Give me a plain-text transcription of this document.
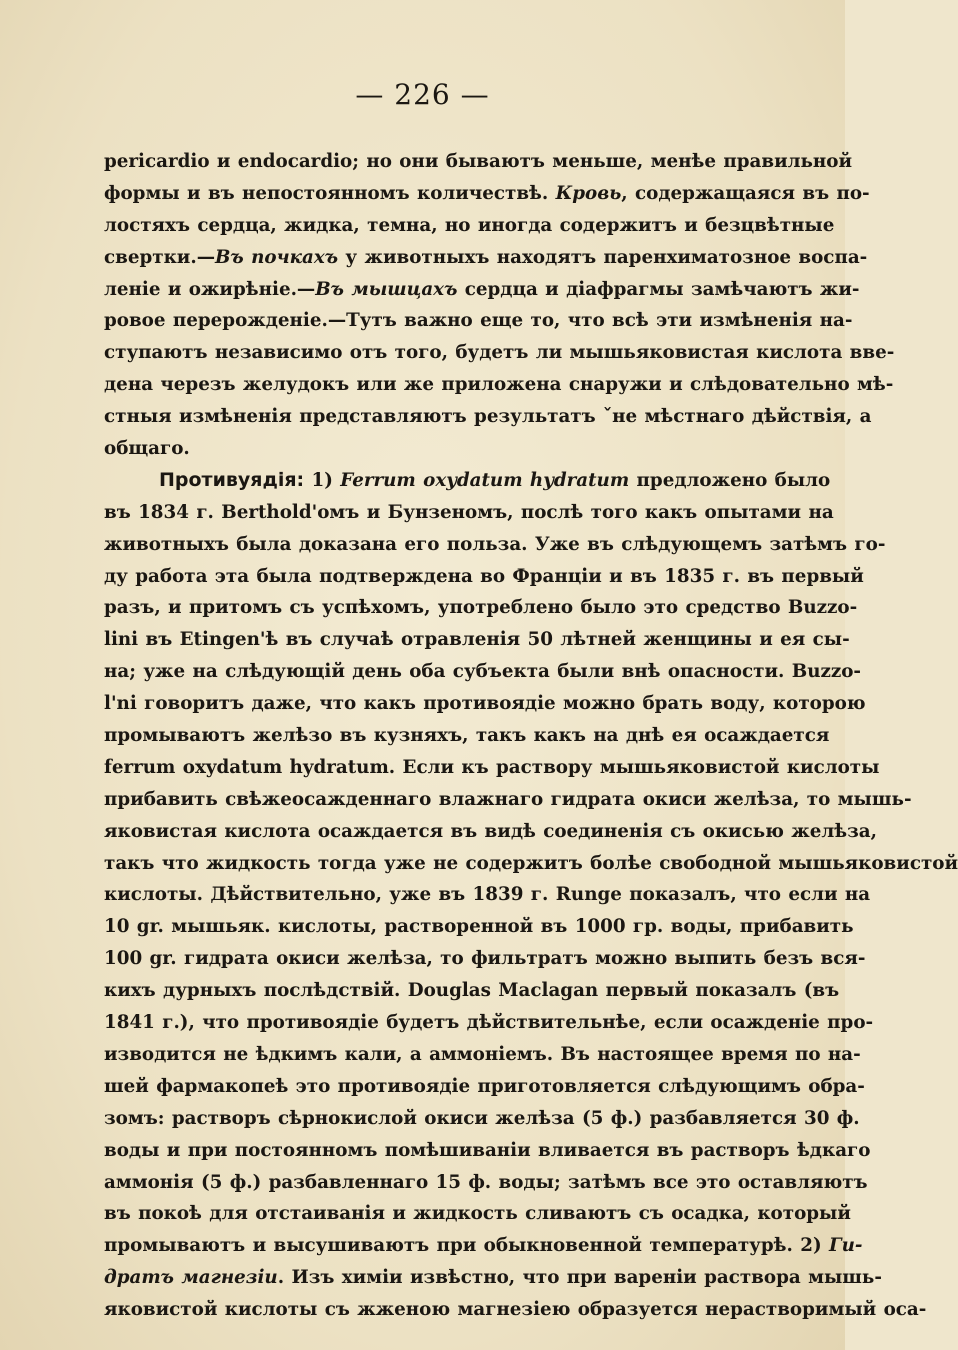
— 226 —
pericardio и endocardio; но они бываютъ меньше, менѣе правильной
формы и въ непостоянномъ количествѣ. Кровь, содержащаяся въ по-
лостяхъ сердца, жидка, темна, но иногда содержитъ и безцвѣтные
свертки.—Въ почкахъ у животныхъ находятъ паренхиматозное воспа-
леніе и ожирѣніе.—Въ мышцахъ сердца и діафрагмы замѣчаютъ жи-
ровое перерожденіе.—Тутъ важно еще то, что всѣ эти измѣненія на-
ступаютъ независимо отъ того, будетъ ли мышьяковистая кислота вве-
дена черезъ желудокъ или же приложена снаружи и слѣдовательно мѣ-
стныя измѣненія представляютъ результатъ ˇне мѣстнаго дѣйствія, а
общаго.
Противуядія: 1) Ferrum oxydatum hydratum предложено было
въ 1834 г. Berthold'омъ и Бунзеномъ, послѣ того какъ опытами на
животныхъ была доказана его польза. Уже въ слѣдующемъ затѣмъ го-
ду работа эта была подтверждена во Франціи и въ 1835 г. въ первый
разъ, и притомъ съ успѣхомъ, употреблено было это средство Buzzo-
lini въ Etingen'ѣ въ случаѣ отравленія 50 лѣтней женщины и ея сы-
на; уже на слѣдующій день оба субъекта были внѣ опасности. Buzzo-
l'ni говоритъ даже, что какъ противоядіе можно брать воду, которою
промываютъ желѣзо въ кузняхъ, такъ какъ на днѣ ея осаждается
ferrum oxydatum hydratum. Если къ раствору мышьяковистой кислоты
прибавить свѣжеосажденнаго влажнаго гидрата окиси желѣза, то мышь-
яковистая кислота осаждается въ видѣ соединенія съ окисью желѣза,
такъ что жидкость тогда уже не содержитъ болѣе свободной мышьяковистой
кислоты. Дѣйствительно, уже въ 1839 г. Runge показалъ, что если на
10 gr. мышьяк. кислоты, растворенной въ 1000 гр. воды, прибавить
100 gr. гидрата окиси желѣза, то фильтратъ можно выпить безъ вся-
кихъ дурныхъ послѣдствій. Douglas Maclagan первый показалъ (въ
1841 г.), что противоядіе будетъ дѣйствительнѣе, если осажденіе про-
изводится не ѣдкимъ кали, а аммоніемъ. Въ настоящее время по на-
шей фармакопеѣ это противоядіе приготовляется слѣдующимъ обра-
зомъ: растворъ сѣрнокислой окиси желѣза (5 ф.) разбавляется 30 ф.
воды и при постоянномъ помѣшиваніи вливается въ растворъ ѣдкаго
аммонія (5 ф.) разбавленнаго 15 ф. воды; затѣмъ все это оставляютъ
въ покоѣ для отстаиванія и жидкость сливаютъ съ осадка, который
промываютъ и высушиваютъ при обыкновенной температурѣ. 2) Ги-
дратъ магнезіи. Изъ химіи извѣстно, что при вареніи раствора мышь-
яковистой кислоты съ жженою магнезіею образуется нерастворимый оса-
